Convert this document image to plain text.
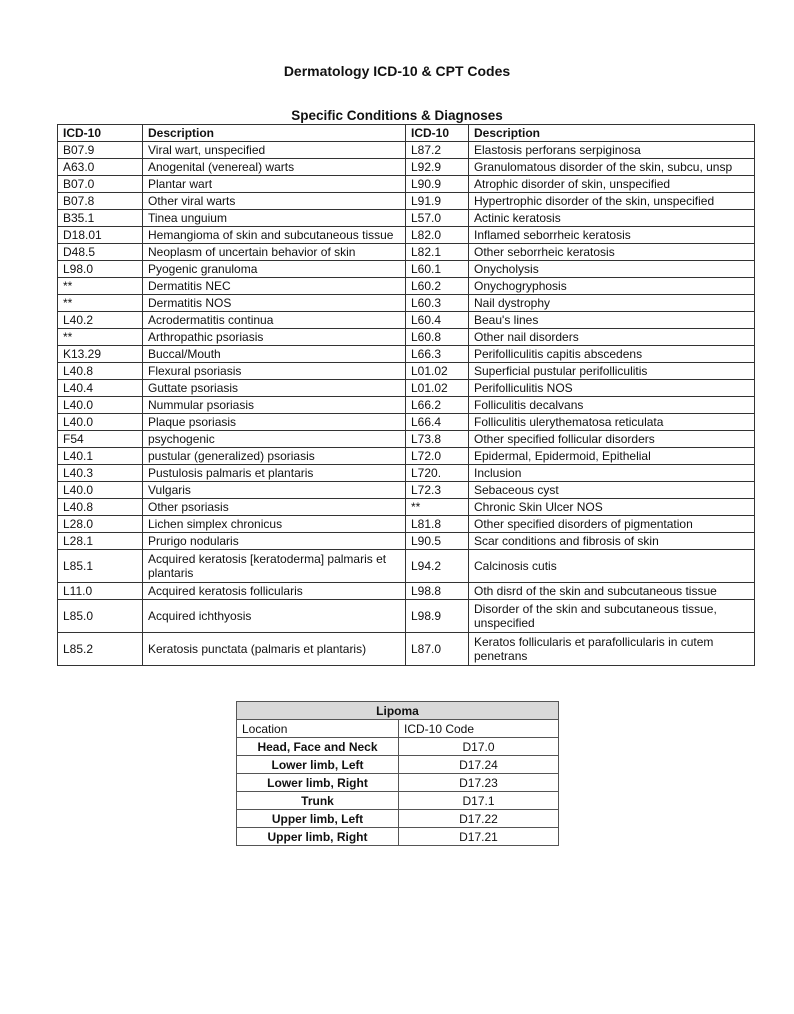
Dermatology ICD-10 & CPT Codes
Specific Conditions & Diagnoses
ICD-10	Description	ICD-10	Description
B07.9	Viral wart, unspecified	L87.2	Elastosis perforans serpiginosa
A63.0	Anogenital (venereal) warts	L92.9	Granulomatous disorder of the skin, subcu, unsp
B07.0	Plantar wart	L90.9	Atrophic disorder of skin, unspecified
B07.8	Other viral warts	L91.9	Hypertrophic disorder of the skin, unspecified
B35.1	Tinea unguium	L57.0	Actinic keratosis
D18.01	Hemangioma of skin and subcutaneous tissue	L82.0	Inflamed seborrheic keratosis
D48.5	Neoplasm of uncertain behavior of skin	L82.1	Other seborrheic keratosis
L98.0	Pyogenic granuloma	L60.1	Onycholysis
**	Dermatitis NEC	L60.2	Onychogryphosis
**	Dermatitis NOS	L60.3	Nail dystrophy
L40.2	Acrodermatitis continua	L60.4	Beau's lines
**	Arthropathic psoriasis	L60.8	Other nail disorders
K13.29	Buccal/Mouth	L66.3	Perifolliculitis capitis abscedens
L40.8	Flexural psoriasis	L01.02	Superficial pustular perifolliculitis
L40.4	Guttate psoriasis	L01.02	Perifolliculitis NOS
L40.0	Nummular psoriasis	L66.2	Folliculitis decalvans
L40.0	Plaque psoriasis	L66.4	Folliculitis ulerythematosa reticulata
F54	psychogenic	L73.8	Other specified follicular disorders
L40.1	pustular (generalized) psoriasis	L72.0	Epidermal, Epidermoid, Epithelial
L40.3	Pustulosis palmaris et plantaris	L720.	Inclusion
L40.0	Vulgaris	L72.3	Sebaceous cyst
L40.8	Other psoriasis	**	Chronic Skin Ulcer NOS
L28.0	Lichen simplex chronicus	L81.8	Other specified disorders of pigmentation
L28.1	Prurigo nodularis	L90.5	Scar conditions and fibrosis of skin
L85.1	Acquired keratosis [keratoderma] palmaris et plantaris	L94.2	Calcinosis cutis
L11.0	Acquired keratosis follicularis	L98.8	Oth disrd of the skin and subcutaneous tissue
L85.0	Acquired ichthyosis	L98.9	Disorder of the skin and subcutaneous tissue, unspecified
L85.2	Keratosis punctata (palmaris et plantaris)	L87.0	Keratos follicularis et parafollicularis in cutem penetrans
Lipoma	
Location	ICD-10 Code
Head, Face and Neck	D17.0
Lower limb, Left	D17.24
Lower limb, Right	D17.23
Trunk	D17.1
Upper limb, Left	D17.22
Upper limb, Right	D17.21
